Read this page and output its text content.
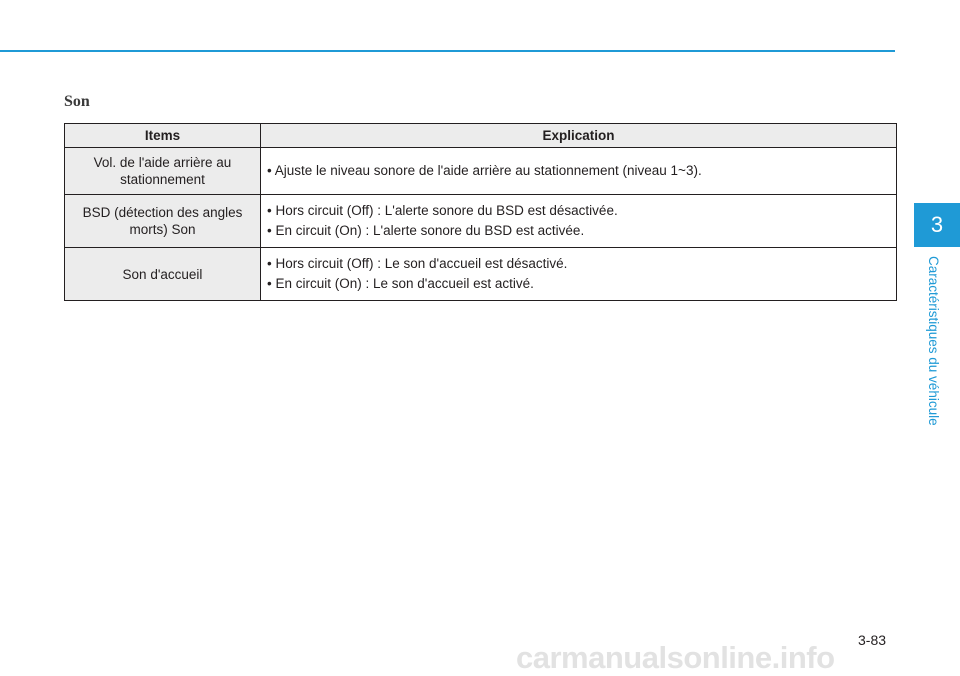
Son
Items	Explication
Vol. de l'aide arrière au stationnement	• Ajuste le niveau sonore de l'aide arrière au stationnement (niveau 1~3).

BSD (détection des angles morts) Son	• Hors circuit (Off) : L'alerte sonore du BSD est désactivée.
• En circuit (On) : L'alerte sonore du BSD est activée.

Son d'accueil	• Hors circuit (Off) : Le son d'accueil est désactivé.
• En circuit (On) : Le son d'accueil est activé.
3
Caractéristiques du véhicule
3-83
carmanualsonline.info
